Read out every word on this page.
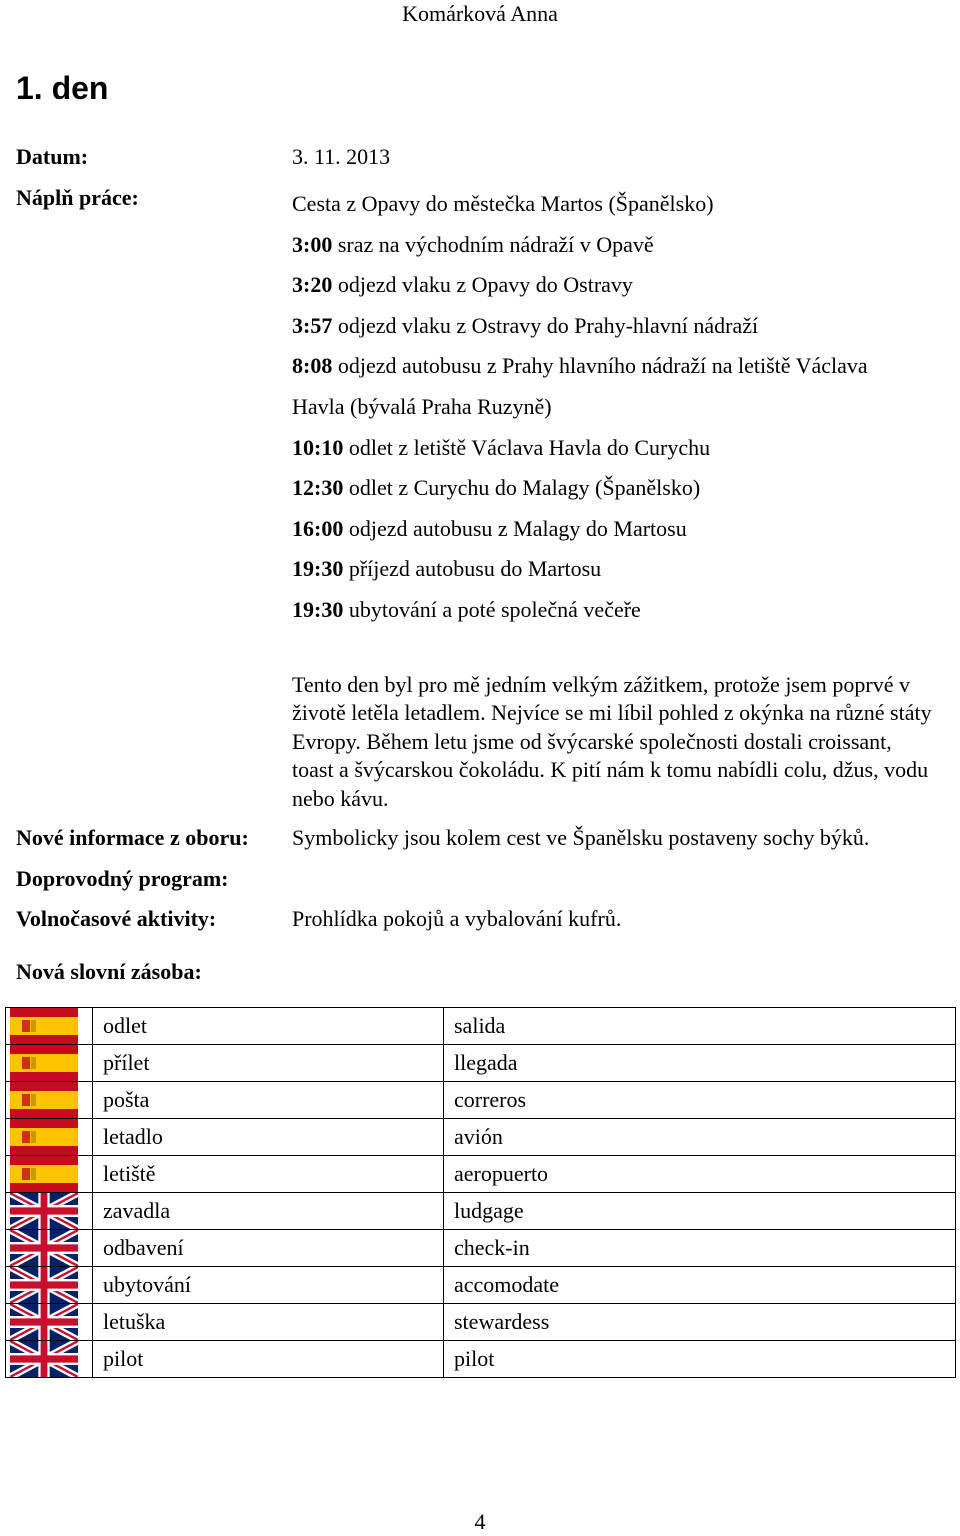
Komárková Anna
1. den
Datum:	3. 11. 2013
Náplň práce:	Cesta z Opavy do městečka Martos (Španělsko)
3:00 sraz na východním nádraží v Opavě
3:20 odjezd vlaku z Opavy do Ostravy
3:57 odjezd vlaku z Ostravy do Prahy-hlavní nádraží
8:08 odjezd autobusu z Prahy hlavního nádraží na letiště Václava
Havla (bývalá Praha Ruzyně)
10:10 odlet z letiště Václava Havla do Curychu
12:30 odlet z Curychu do Malagy (Španělsko)
16:00 odjezd autobusu z Malagy do Martosu
19:30 příjezd autobusu do Martosu
19:30 ubytování a poté společná večeře
Tento den byl pro mě jedním velkým zážitkem, protože jsem poprvé v životě letěla letadlem. Nejvíce se mi líbil pohled z okýnka na různé státy Evropy. Během letu jsme od švýcarské společnosti dostali croissant, toast a švýcarskou čokoládu. K pití nám k tomu nabídli colu, džus, vodu nebo kávu.
Nové informace z oboru: Symbolicky jsou kolem cest ve Španělsku postaveny sochy býků.
Doprovodný program:
Volnočasové aktivity:	Prohlídka pokojů a vybalování kufrů.
Nová slovní zásoba:
	odlet	salida

	přílet	llegada

	pošta	correros

	letadlo	avión

	letiště	aeropuerto

	zavadla	ludgage

	odbavení	check-in

	ubytování	accomodate

	letuška	stewardess

	pilot	pilot
4
